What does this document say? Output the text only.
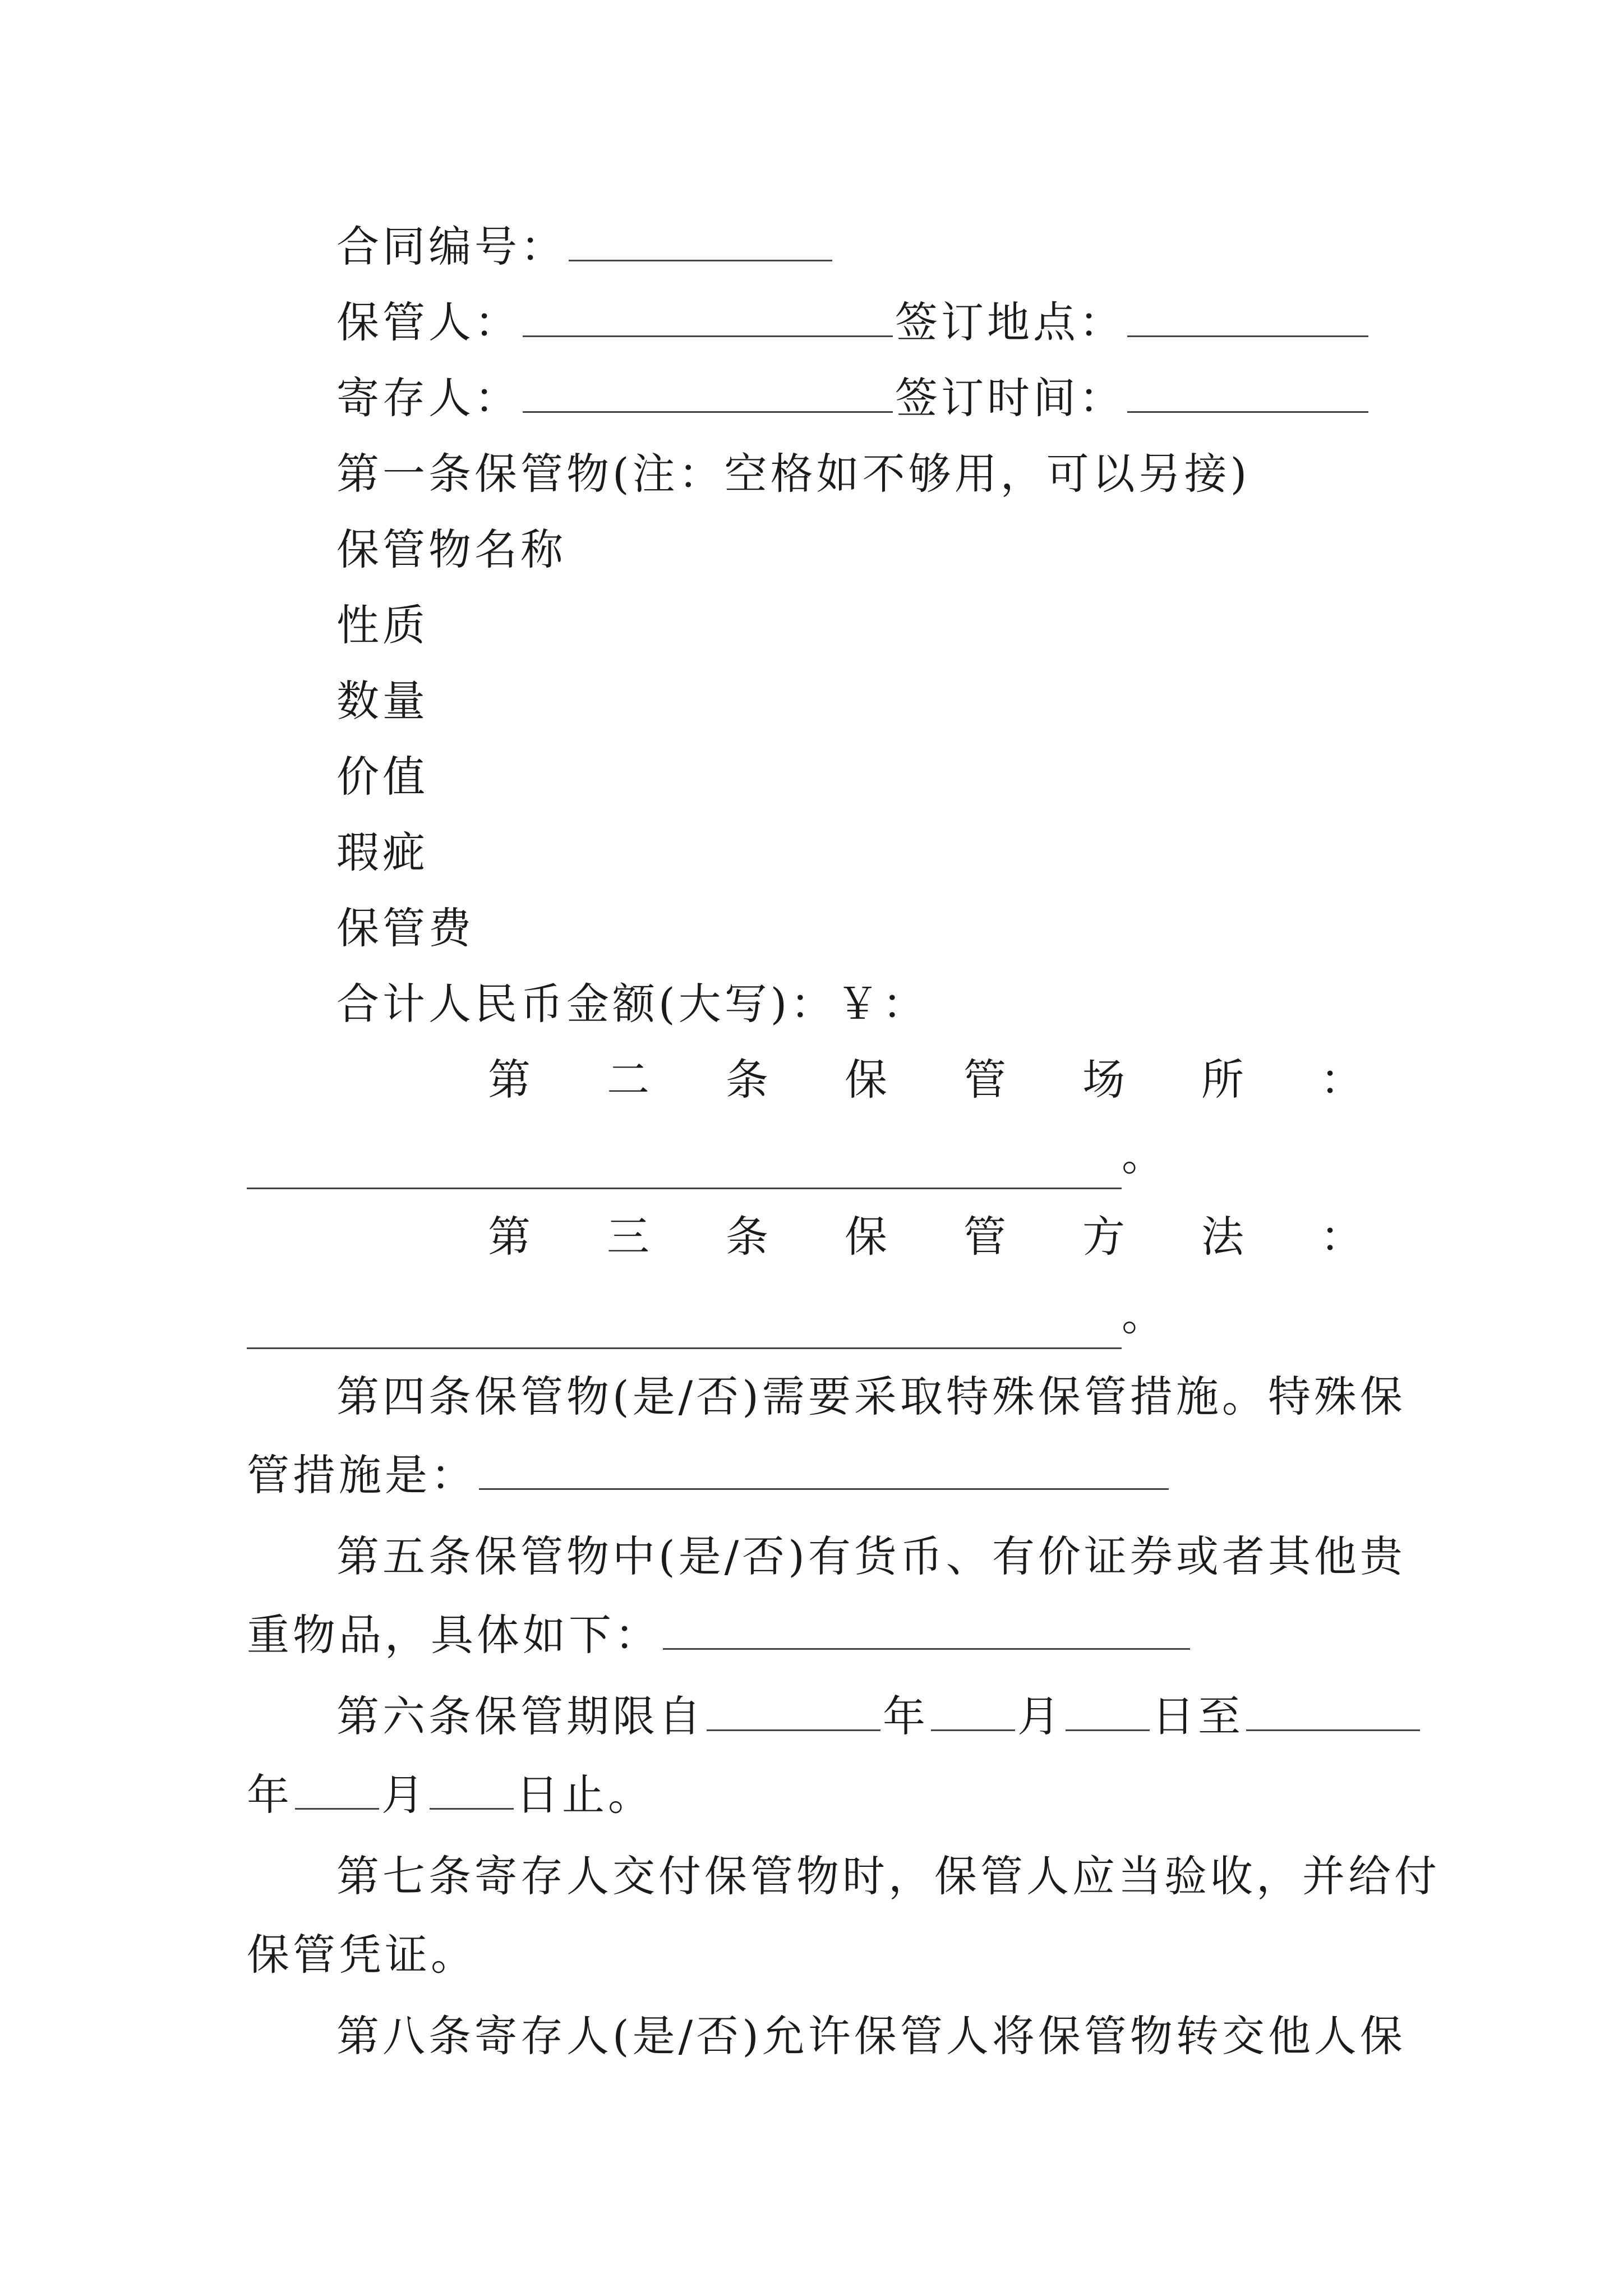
合同编号：
保管人：	签订地点：
寄存人：	签订时间：
第一条保管物(注：空格如不够用，可以另接)
保管物名称
性质
数量
价值
瑕疵
保管费
合计人民币金额(大写)：￥：
第 二 条 保 管 场 所 ：
。
第 三 条 保 管 方 法 ：
。
第四条保管物(是/否)需要采取特殊保管措施。特殊保
管措施是：
第五条保管物中(是/否)有货币、有价证券或者其他贵
重物品，具体如下：
第六条保管期限自	年 月 日至
年 月 日止。
第七条寄存人交付保管物时，保管人应当验收，并给付
保管凭证。
第八条寄存人(是/否)允许保管人将保管物转交他人保
